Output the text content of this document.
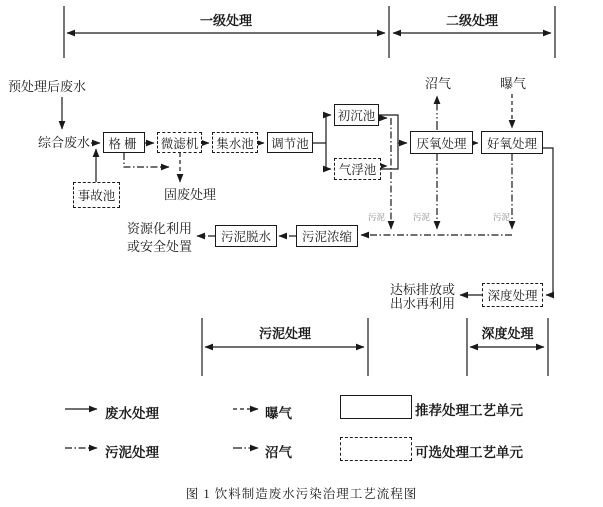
一级处理	二级处理
污泥处理	深度处理
预处理后废水
综合废水
沼气	曝气
固废处理
资源化利用
或安全处置
达标排放或
出水再利用
污泥	污泥	污泥
格栅	微滤机	集水池	调节池
初沉池
气浮池
厌氧处理	好氧处理
事故池
污泥脱水	污泥浓缩
深度处理
废水处理	曝气
污泥处理	沼气
推荐处理工艺单元
可选处理工艺单元
图 1 饮料制造废水污染治理工艺流程图
